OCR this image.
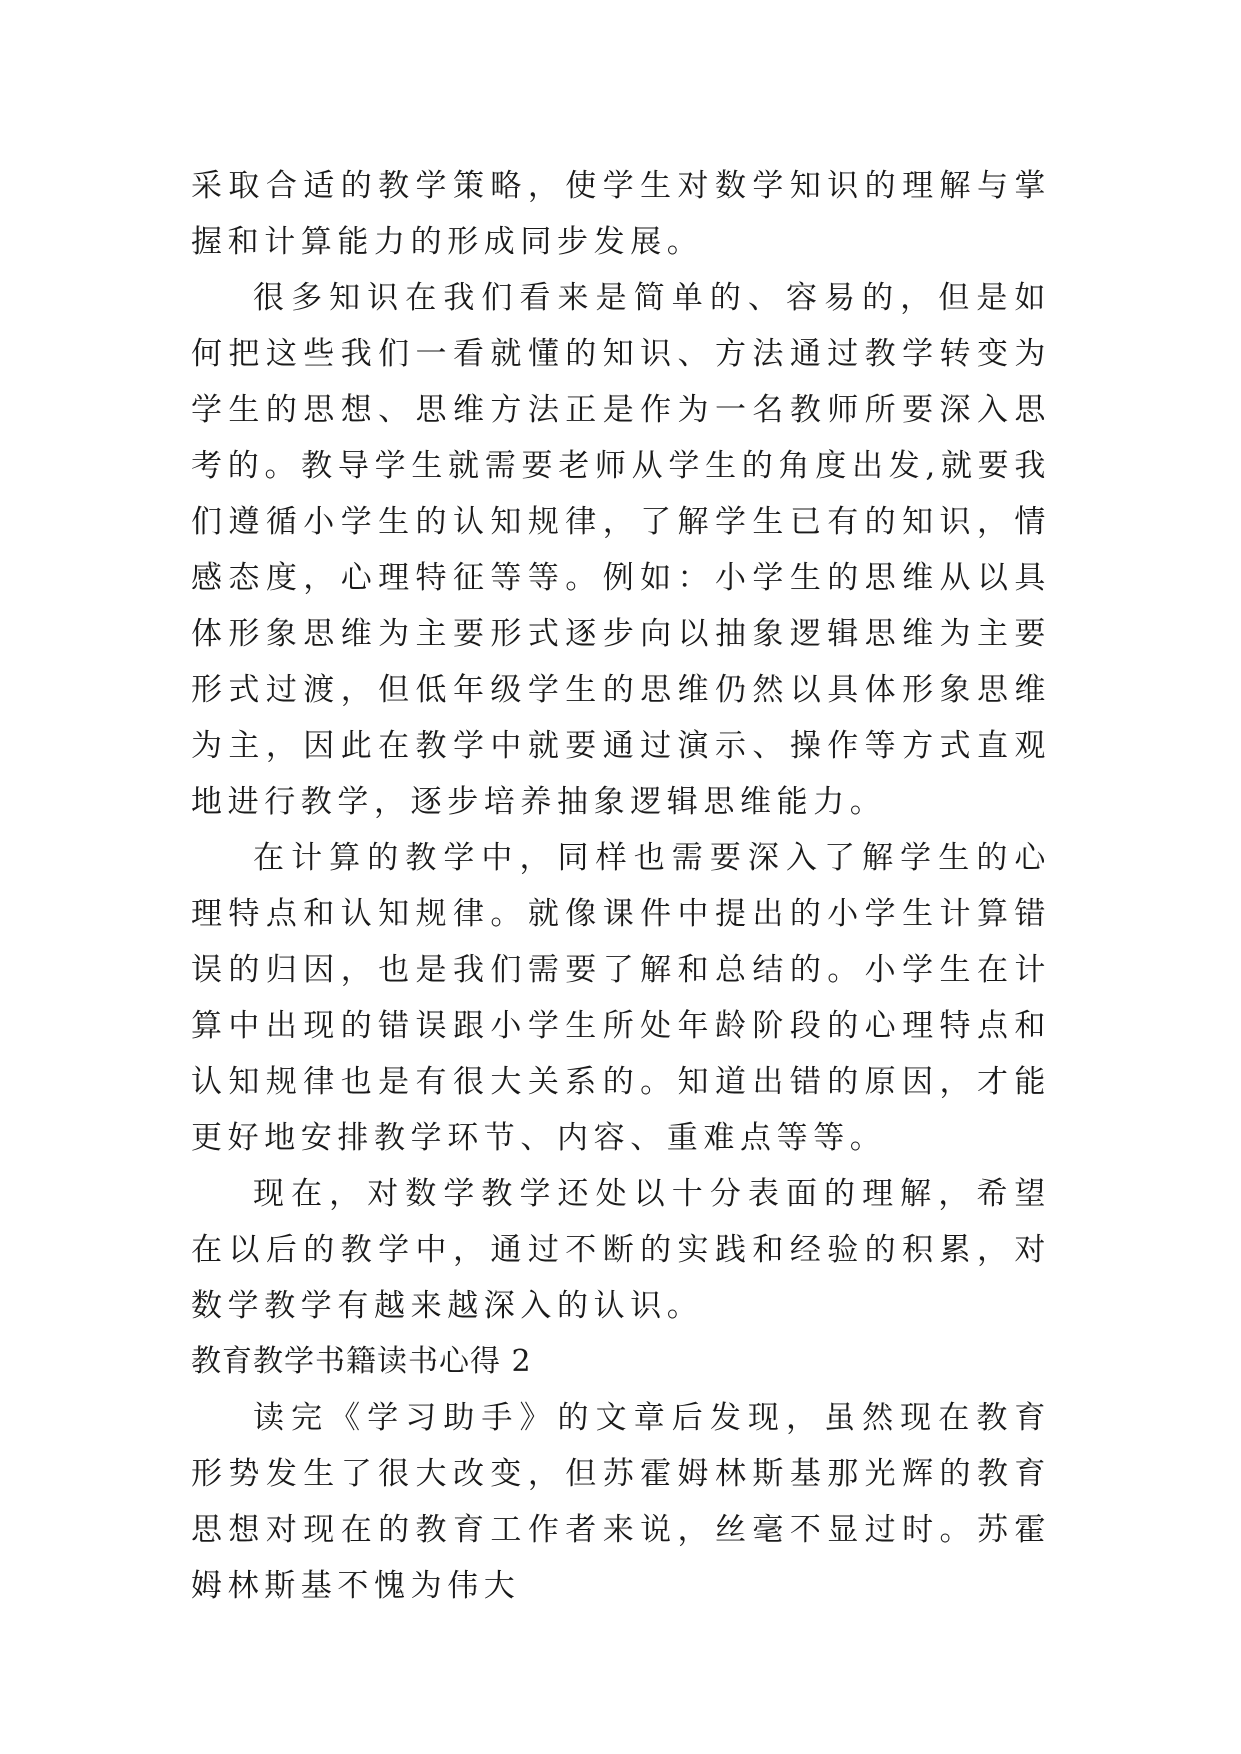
采取合适的教学策略，使学生对数学知识的理解与掌握和计算能力的形成同步发展。

很多知识在我们看来是简单的、容易的，但是如何把这些我们一看就懂的知识、方法通过教学转变为学生的思想、思维方法正是作为一名教师所要深入思考的。教导学生就需要老师从学生的角度出发,就要我们遵循小学生的认知规律，了解学生已有的知识，情感态度，心理特征等等。例如：小学生的思维从以具体形象思维为主要形式逐步向以抽象逻辑思维为主要形式过渡，但低年级学生的思维仍然以具体形象思维为主，因此在教学中就要通过演示、操作等方式直观地进行教学，逐步培养抽象逻辑思维能力。

在计算的教学中，同样也需要深入了解学生的心理特点和认知规律。就像课件中提出的小学生计算错误的归因，也是我们需要了解和总结的。小学生在计算中出现的错误跟小学生所处年龄阶段的心理特点和认知规律也是有很大关系的。知道出错的原因，才能更好地安排教学环节、内容、重难点等等。

现在，对数学教学还处以十分表面的理解，希望在以后的教学中，通过不断的实践和经验的积累，对数学教学有越来越深入的认识。

教育教学书籍读书心得 2

读完《学习助手》的文章后发现，虽然现在教育形势发生了很大改变，但苏霍姆林斯基那光辉的教育思想对现在的教育工作者来说，丝毫不显过时。苏霍姆林斯基不愧为伟大
